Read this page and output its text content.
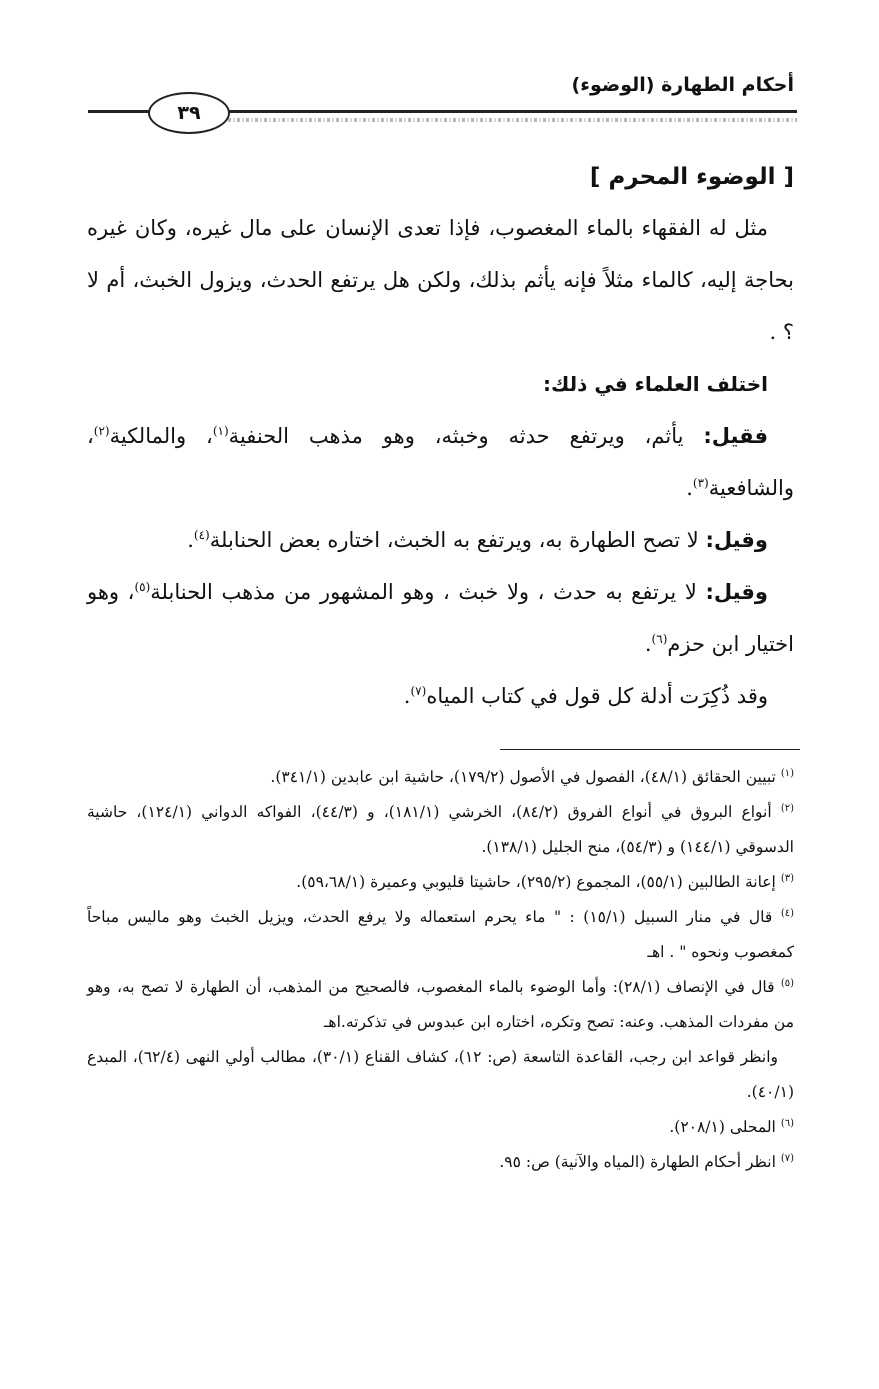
أحكام الطهارة (الوضوء)
٣٩

[ الوضوء المحرم ]

مثل له الفقهاء بالماء المغصوب، فإذا تعدى الإنسان على مال غيره، وكان غيره بحاجة إليه، كالماء مثلاً فإنه يأثم بذلك، ولكن هل يرتفع الحدث، ويزول الخبث، أم لا ؟ .

اختلف العلماء في ذلك:

فقيل: يأثم، ويرتفع حدثه وخبثه، وهو مذهب الحنفية$^{(١)}$، والمالكية$^{(٢)}$، والشافعية$^{(٣)}$.

وقيل: لا تصح الطهارة به، ويرتفع به الخبث، اختاره بعض الحنابلة$^{(٤)}$.

وقيل: لا يرتفع به حدث ، ولا خبث ، وهو المشهور من مذهب الحنابلة$^{(٥)}$، وهو اختيار ابن حزم$^{(٦)}$.

وقد ذُكِرَت أدلة كل قول في كتاب المياه$^{(٧)}$.

$^{(١)}$ تبيين الحقائق (٤٨/١)، الفصول في الأصول (١٧٩/٢)، حاشية ابن عابدين (٣٤١/١).

$^{(٢)}$ أنواع البروق في أنواع الفروق (٨٤/٢)، الخرشي (١٨١/١)، و (٤٤/٣)، الفواكه الدواني (١٢٤/١)، حاشية الدسوقي (١٤٤/١) و (٥٤/٣)، منح الجليل (١٣٨/١).

$^{(٣)}$ إعانة الطالبين (٥٥/١)، المجموع (٢٩٥/٢)، حاشيتا قليوبي وعميرة (٥٩،٦٨/١).

$^{(٤)}$ قال في منار السبيل (١٥/١) : " ماء يحرم استعماله ولا يرفع الحدث، ويزيل الخبث وهو ماليس مباحاً كمغصوب ونحوه " . اهـ

$^{(٥)}$ قال في الإنصاف (٢٨/١): وأما الوضوء بالماء المغصوب، فالصحيح من المذهب، أن الطهارة لا تصح به، وهو من مفردات المذهب. وعنه: تصح وتكره، اختاره ابن عبدوس في تذكرته.اهـ

وانظر قواعد ابن رجب، القاعدة التاسعة (ص: ١٢)، كشاف القناع (٣٠/١)، مطالب أولي النهى (٦٢/٤)، المبدع (٤٠/١).

$^{(٦)}$ المحلى (٢٠٨/١).

$^{(٧)}$ انظر أحكام الطهارة (المياه والآنية) ص: ٩٥.
